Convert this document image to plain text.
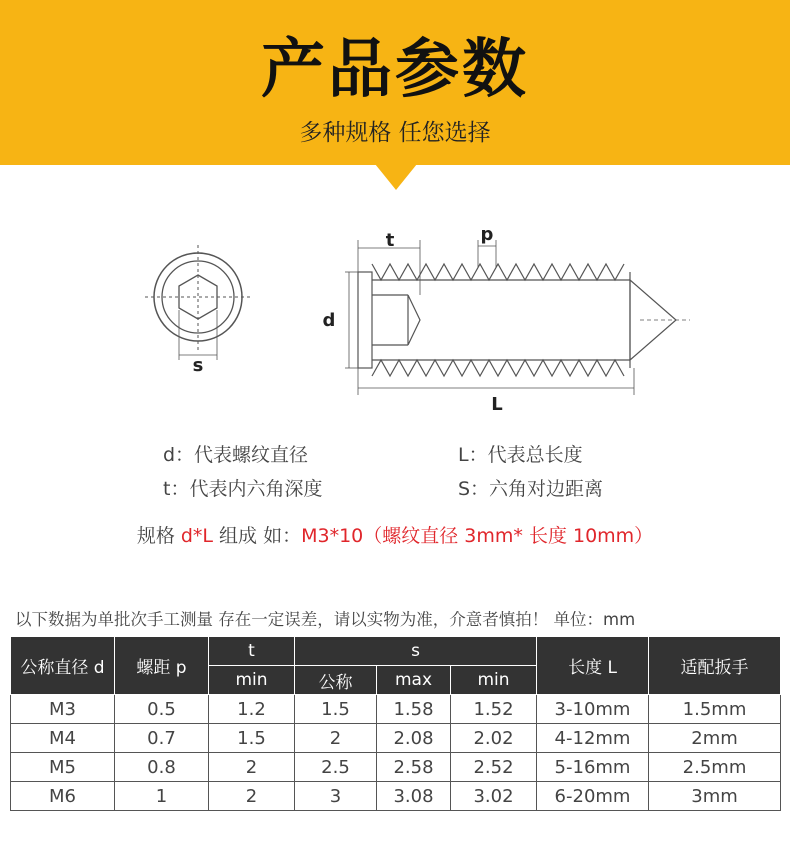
产品参数
多种规格 任您选择
s
t	p
d
L
d：代表螺纹直径	L：代表总长度
t：代表内六角深度	S：六角对边距离
规格 d*L 组成 如：M3*10（螺纹直径 3mm* 长度 10mm）
以下数据为单批次手工测量 存在一定误差，请以实物为准，介意者慎拍！ 单位：mm
公称直径 d	螺距 p	t	s			长度 L	适配扳手
		min	公称	max	min		
M3	0.5	1.2	1.5	1.58	1.52	3-10mm	1.5mm
M4	0.7	1.5	2	2.08	2.02	4-12mm	2mm
M5	0.8	2	2.5	2.58	2.52	5-16mm	2.5mm
M6	1	2	3	3.08	3.02	6-20mm	3mm
